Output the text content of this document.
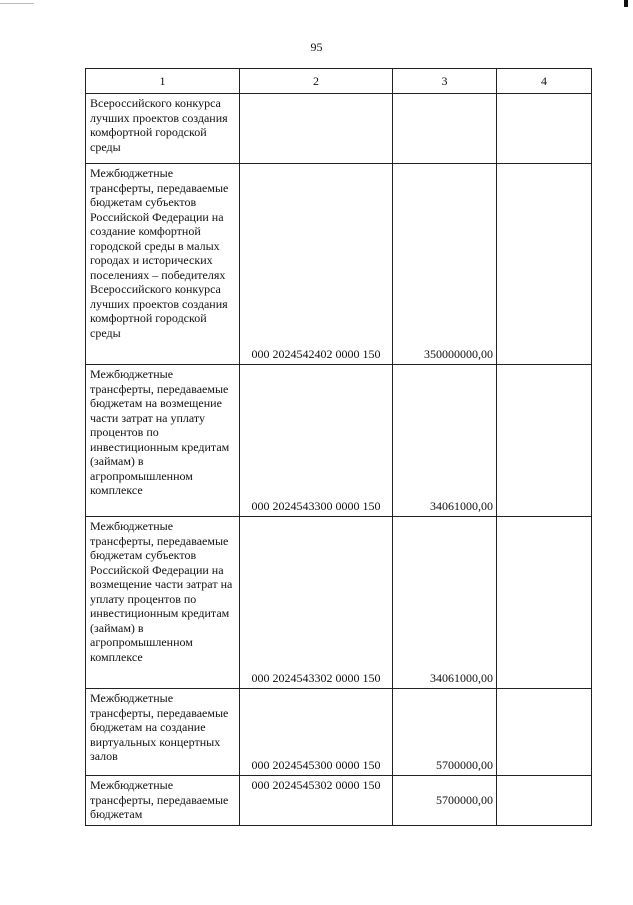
95
1	2	3	4
Всероссийского конкурса лучших проектов создания комфортной городской среды			
Межбюджетные трансферты, передаваемые бюджетам субъектов Российской Федерации на создание комфортной городской среды в малых городах и исторических поселениях – победителях Всероссийского конкурса лучших проектов создания комфортной городской среды	000 2024542402 0000 150	350000000,00	
Межбюджетные трансферты, передаваемые бюджетам на возмещение части затрат на уплату процентов по инвестиционным кредитам (займам) в агропромышленном комплексе	000 2024543300 0000 150	34061000,00	
Межбюджетные трансферты, передаваемые бюджетам субъектов Российской Федерации на возмещение части затрат на уплату процентов по инвестиционным кредитам (займам) в агропромышленном комплексе	000 2024543302 0000 150	34061000,00	
Межбюджетные трансферты, передаваемые бюджетам на создание виртуальных концертных залов	000 2024545300 0000 150	5700000,00	
Межбюджетные трансферты, передаваемые бюджетам	000 2024545302 0000 150	5700000,00	
